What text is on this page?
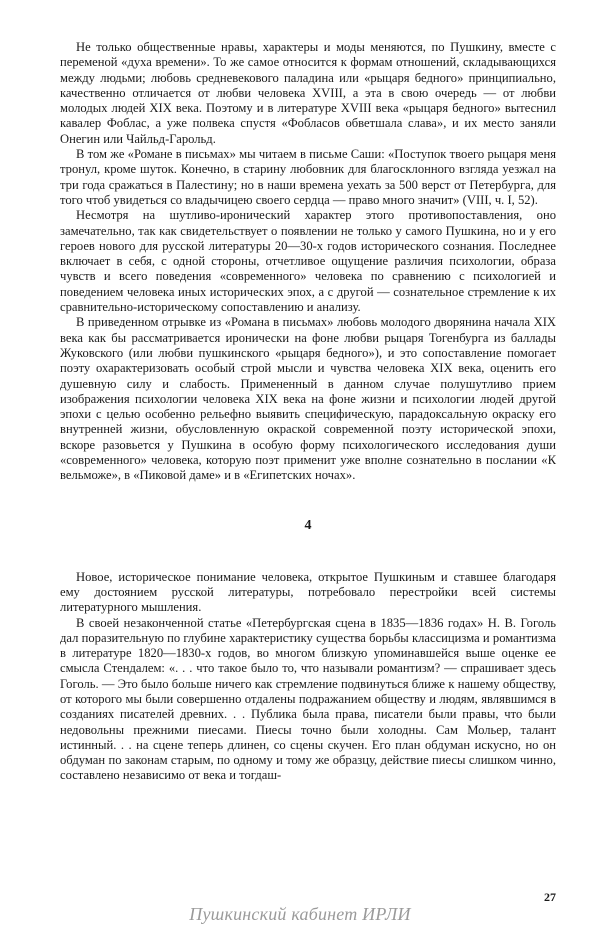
Не только общественные нравы, характеры и моды меняются, по Пушкину, вместе с переменой «духа времени». То же самое относится к формам отношений, складывающихся между людьми; любовь средневекового паладина или «рыцаря бедного» принципиально, качественно отличается от любви человека XVIII, а эта в свою очередь — от любви молодых людей XIX века. Поэтому и в литературе XVIII века «рыцаря бедного» вытеснил кавалер Фоблас, а уже полвека спустя «Фобласов обветшала слава», и их место заняли Онегин или Чайльд-Гарольд.

В том же «Романе в письмах» мы читаем в письме Саши: «Поступок твоего рыцаря меня тронул, кроме шуток. Конечно, в старину любовник для благосклонного взгляда уезжал на три года сражаться в Палестину; но в наши времена уехать за 500 верст от Петербурга, для того чтоб увидеться со владычицею своего сердца — право много значит» (VIII, ч. I, 52).

Несмотря на шутливо-иронический характер этого противопоставления, оно замечательно, так как свидетельствует о появлении не только у самого Пушкина, но и у его героев нового для русской литературы 20—30-х годов исторического сознания. Последнее включает в себя, с одной стороны, отчетливое ощущение различия психологии, образа чувств и всего поведения «современного» человека по сравнению с психологией и поведением человека иных исторических эпох, а с другой — сознательное стремление к их сравнительно-историческому сопоставлению и анализу.

В приведенном отрывке из «Романа в письмах» любовь молодого дворянина начала XIX века как бы рассматривается иронически на фоне любви рыцаря Тогенбурга из баллады Жуковского (или любви пушкинского «рыцаря бедного»), и это сопоставление помогает поэту охарактеризовать особый строй мысли и чувства человека XIX века, оценить его душевную силу и слабость. Примененный в данном случае полушутливо прием изображения психологии человека XIX века на фоне жизни и психологии людей другой эпохи с целью особенно рельефно выявить специфическую, парадоксальную окраску его внутренней жизни, обусловленную окраской современной поэту исторической эпохи, вскоре разовьется у Пушкина в особую форму психологического исследования души «современного» человека, которую поэт применит уже вполне сознательно в послании «К вельможе», в «Пиковой даме» и в «Египетских ночах».

4

Новое, историческое понимание человека, открытое Пушкиным и ставшее благодаря ему достоянием русской литературы, потребовало перестройки всей системы литературного мышления.

В своей незаконченной статье «Петербургская сцена в 1835—1836 годах» Н. В. Гоголь дал поразительную по глубине характеристику существа борьбы классицизма и романтизма в литературе 1820—1830-х годов, во многом близкую упоминавшейся выше оценке ее смысла Стендалем: «. . . что такое было то, что называли романтизм? — спрашивает здесь Гоголь. — Это было больше ничего как стремление подвинуться ближе к нашему обществу, от которого мы были совершенно отдалены подражанием обществу и людям, являвшимся в созданиях писателей древних. . . Публика была права, писатели были правы, что были недовольны прежними пиесами. Пиесы точно были холодны. Сам Мольер, талант истинный. . . на сцене теперь длинен, со сцены скучен. Его план обдуман искусно, но он обдуман по законам старым, по одному и тому же образцу, действие пиесы слишком чинно, составлено независимо от века и тогдаш-

27
Пушкинский кабинет ИРЛИ
